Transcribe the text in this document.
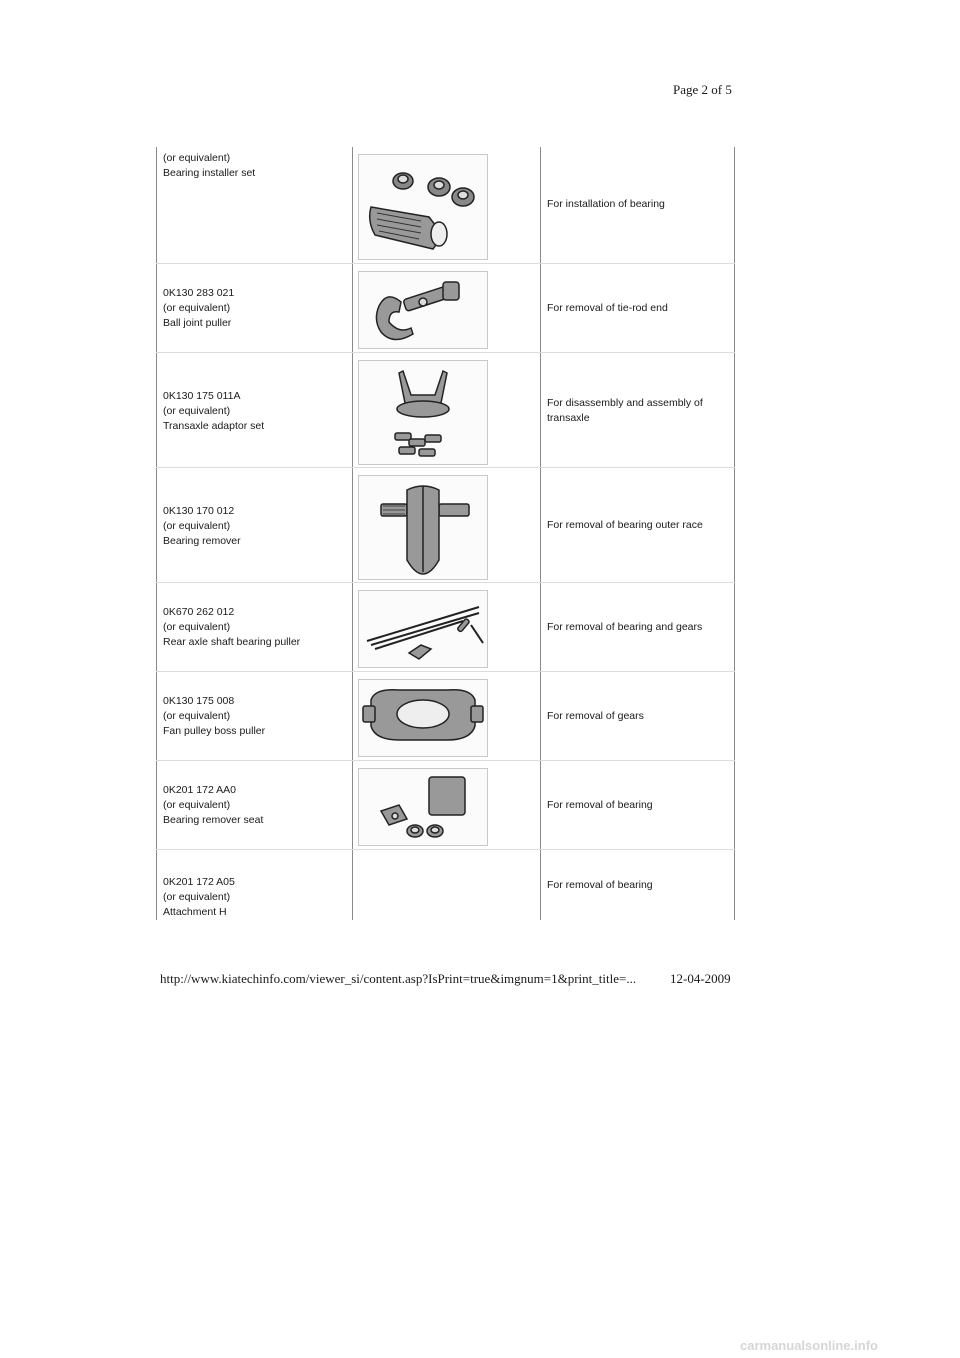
Page 2 of 5
(or equivalent)
Bearing installer set		For installation of bearing

0K130 283 021
(or equivalent)
Ball joint puller		For removal of tie-rod end

0K130 175 011A
(or equivalent)
Transaxle adaptor set		For disassembly and assembly of
transaxle

0K130 170 012
(or equivalent)
Bearing remover		For removal of bearing outer race

0K670 262 012
(or equivalent)
Rear axle shaft bearing puller		For removal of bearing and gears

0K130 175 008
(or equivalent)
Fan pulley boss puller		For removal of gears

0K201 172 AA0
(or equivalent)
Bearing remover seat		For removal of bearing

0K201 172 A05
(or equivalent)
Attachment H		For removal of bearing
http://www.kiatechinfo.com/viewer_si/content.asp?IsPrint=true&imgnum=1&print_title=...	12-04-2009
carmanualsonline.info
